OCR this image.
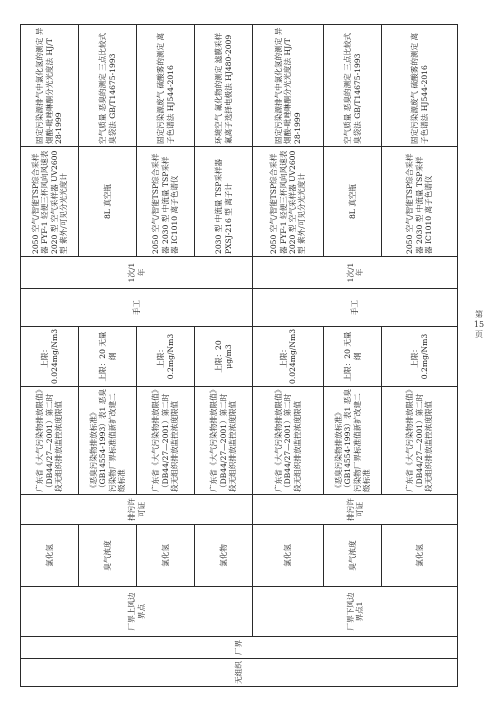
无组织	厂界	厂界上风边界点	氯化氢	排污许可证	广东省《大气污染物排放限值》（DB44/27—2001）第二时段无组织排放监控浓度限值	上限：0.024mg/Nm3	手工	1次/1年	2050 空气/智能TSP综合采样器 FYF-1 轻便三杯风向风速表 2020 型 空气采样器 UV2600 型 紫外/可见分光光度计	固定污染源排气中氯化氢的测定 异烟酸-吡唑啉酮分光光度法 HJ/T 28-1999
			臭气浓度		《恶臭污染物排放标准》（GB14554-1993）表1 恶臭污染物厂界标准值新扩改建二级标准	上限：20 无量纲			8L 真空瓶	空气质量 恶臭的测定 三点比较式臭袋法 GB/T14675-1993
			氯化氢		广东省《大气污染物排放限值》（DB44/27—2001）第二时段无组织排放监控浓度限值	上限：0.2mg/Nm3			2050 空气/智能TSP综合采样器 2030 型 中流量 TSP采样器 IC1010 离子色谱仪	固定污染源废气 硫酸雾的测定 离子色谱法 HJ544-2016
			氯化物		广东省《大气污染物排放限值》（DB44/27—2001）第二时段无组织排放监控浓度限值	上限：20 μg/m3			2030 型 中流量 TSP采样器 PXSJ-216 型 离子计	环境空气 氟化物的测定 滤膜采样氟离子选择电极法 HJ480-2009
		厂界下风边界点1	氯化氢	排污许可证	广东省《大气污染物排放限值》（DB44/27—2001）第二时段无组织排放监控浓度限值	上限：0.024mg/Nm3	手工	1次/1年	2050 空气/智能TSP综合采样器 FYF-1 轻便三杯风向风速表 2020 型 空气采样器 UV2600 型 紫外/可见分光光度计	固定污染源排气中氯化氢的测定 异烟酸-吡唑啉酮分光光度法 HJ/T 28-1999
			臭气浓度		《恶臭污染物排放标准》（GB14554-1993）表1 恶臭污染物厂界标准值新扩改建二级标准	上限：20 无量纲			8L 真空瓶	空气质量 恶臭的测定 三点比较式臭袋法 GB/T14675-1993
			氯化氢		广东省《大气污染物排放限值》（DB44/27—2001）第二时段无组织排放监控浓度限值	上限：0.2mg/Nm3			2050 空气/智能TSP综合采样器 2030 型 中流量 TSP采样器 IC1010 离子色谱仪	固定污染源废气 硫酸雾的测定 离子色谱法 HJ544-2016
第 15 页
